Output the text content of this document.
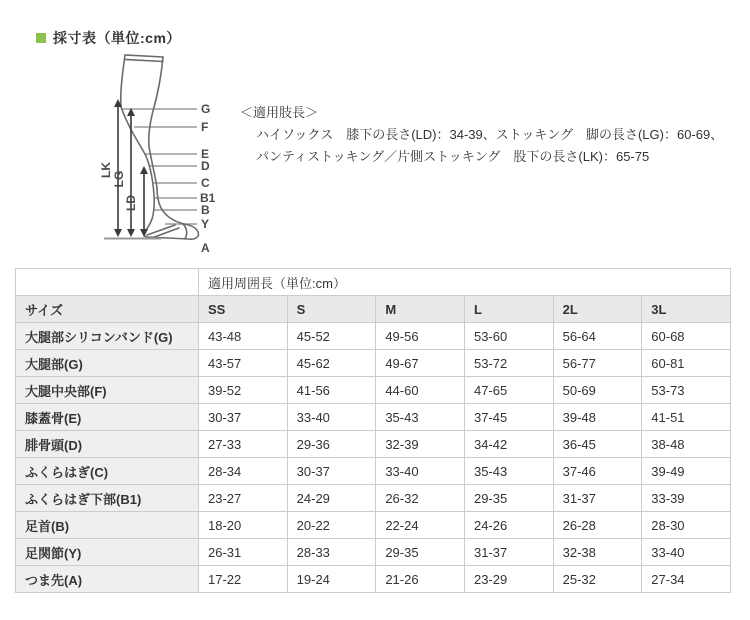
採寸表（単位:cm）
G
F
E
D
C
B1
B
Y
A
LK
LG
LD
＜適用肢長＞
ハイソックス　膝下の長さ(LD)：34-39、ストッキング　脚の長さ(LG)：60-69、
パンティストッキング／片側ストッキング　股下の長さ(LK)：65-75
	適用周囲長（単位:cm）					
サイズ	SS	S	M	L	2L	3L
大腿部シリコンバンド(G)	43-48	45-52	49-56	53-60	56-64	60-68
大腿部(G)	43-57	45-62	49-67	53-72	56-77	60-81
大腿中央部(F)	39-52	41-56	44-60	47-65	50-69	53-73
膝蓋骨(E)	30-37	33-40	35-43	37-45	39-48	41-51
腓骨頭(D)	27-33	29-36	32-39	34-42	36-45	38-48
ふくらはぎ(C)	28-34	30-37	33-40	35-43	37-46	39-49
ふくらはぎ下部(B1)	23-27	24-29	26-32	29-35	31-37	33-39
足首(B)	18-20	20-22	22-24	24-26	26-28	28-30
足関節(Y)	26-31	28-33	29-35	31-37	32-38	33-40
つま先(A)	17-22	19-24	21-26	23-29	25-32	27-34
